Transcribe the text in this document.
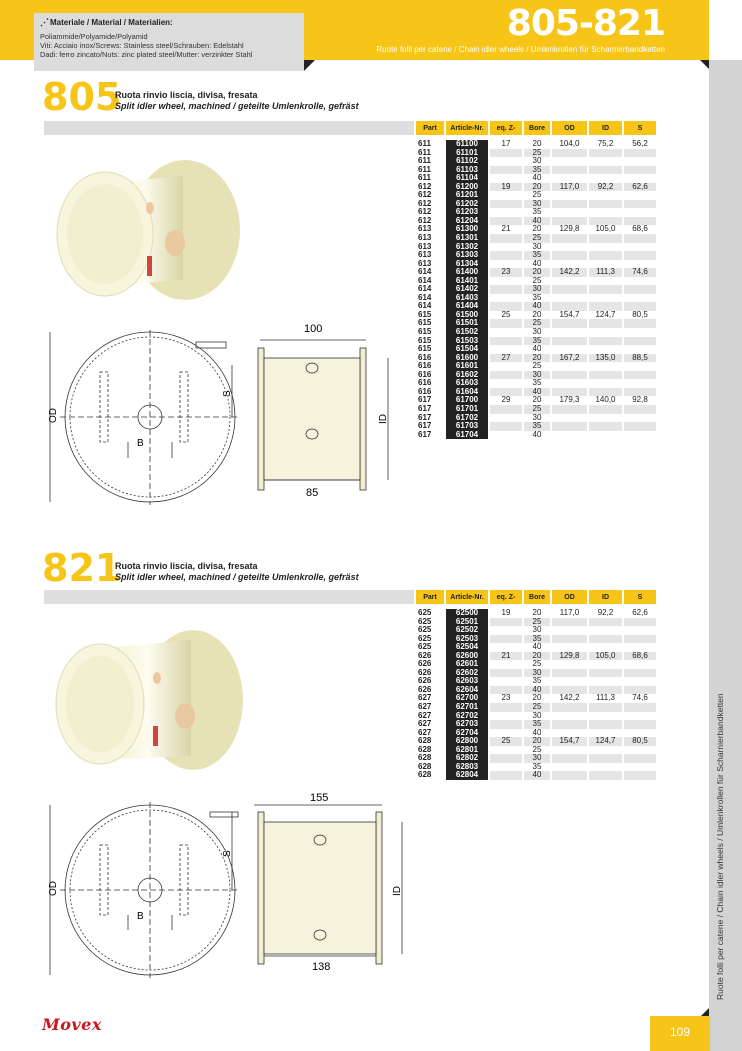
805-821
Ruote folli per catene / Chain idler wheels / Umlenkrollen für Scharnierbandketten
⋰ Materiale / Material / Materialien:
Poliammide/Polyamide/Polyamid
Viti: Acciaio inox/Screws: Stainless steel/Schrauben: Edelstahl
Dadi: ferro zincato/Nuts: zinc plated steel/Mutter: verzinkter Stahl
Ruote folli per catene / Chain idler wheels / Umlenkrollen für Scharnierbandketten
805
Ruota rinvio liscia, divisa, fresata
Split idler wheel, machined / geteilte Umlenkrolle, gefräst
Part	Article-Nr.	eq. Z-	Bore	OD	ID	S

611	61100	17	20	104,0	75,2	56,2
611	61101		25			
611	61102		30			
611	61103		35			
611	61104		40			
612	61200	19	20	117,0	92,2	62,6
612	61201		25			
612	61202		30			
612	61203		35			
612	61204		40			
613	61300	21	20	129,8	105,0	68,6
613	61301		25			
613	61302		30			
613	61303		35			
613	61304		40			
614	61400	23	20	142,2	111,3	74,6
614	61401		25			
614	61402		30			
614	61403		35			
614	61404		40			
615	61500	25	20	154,7	124,7	80,5
615	61501		25			
615	61502		30			
615	61503		35			
615	61504		40			
616	61600	27	20	167,2	135,0	88,5
616	61601		25			
616	61602		30			
616	61603		35			
616	61604		40			
617	61700	29	20	179,3	140,0	92,8
617	61701		25			
617	61702		30			
617	61703		35			
617	61704		40			
OD
B
S
ID
100
85
821
Ruota rinvio liscia, divisa, fresata
Split idler wheel, machined / geteilte Umlenkrolle, gefräst
Part	Article-Nr.	eq. Z-	Bore	OD	ID	S

625	62500	19	20	117,0	92,2	62,6
625	62501		25			
625	62502		30			
625	62503		35			
625	62504		40			
626	62600	21	20	129,8	105,0	68,6
626	62601		25			
626	62602		30			
626	62603		35			
626	62604		40			
627	62700	23	20	142,2	111,3	74,6
627	62701		25			
627	62702		30			
627	62703		35			
627	62704		40			
628	62800	25	20	154,7	124,7	80,5
628	62801		25			
628	62802		30			
628	62803		35			
628	62804		40			
OD
B
S
ID
155
138
Movex	109
